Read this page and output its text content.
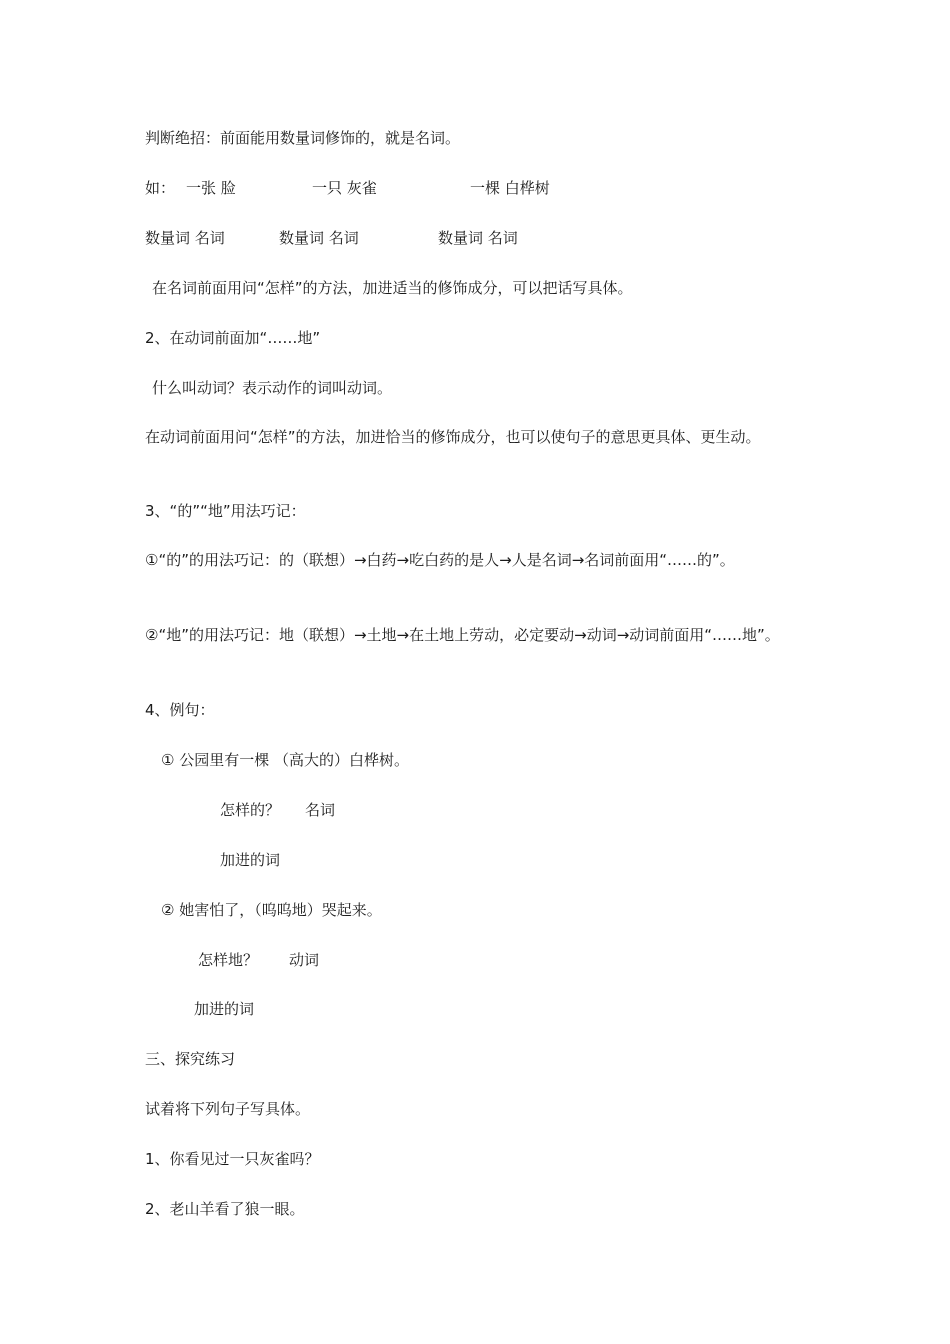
判断绝招：前面能用数量词修饰的，就是名词。
如： 一张 脸	一只 灰雀	一棵 白桦树
数量词 名词	数量词 名词	数量词 名词
在名词前面用问“怎样”的方法，加进适当的修饰成分，可以把话写具体。
2、在动词前面加“……地”
什么叫动词？表示动作的词叫动词。
在动词前面用问“怎样”的方法，加进恰当的修饰成分，也可以使句子的意思更具体、更生动。
3、“的”“地”用法巧记：
①“的”的用法巧记：的（联想）→白药→吃白药的是人→人是名词→名词前面用“……的”。
②“地”的用法巧记：地（联想）→土地→在土地上劳动，必定要动→动词→动词前面用“……地”。
4、例句：
① 公园里有一棵 （高大的）白桦树。
怎样的？ 名词
加进的词
② 她害怕了，（呜呜地）哭起来。
怎样地？ 动词
加进的词
三、探究练习
试着将下列句子写具体。
1、你看见过一只灰雀吗？
2、老山羊看了狼一眼。
